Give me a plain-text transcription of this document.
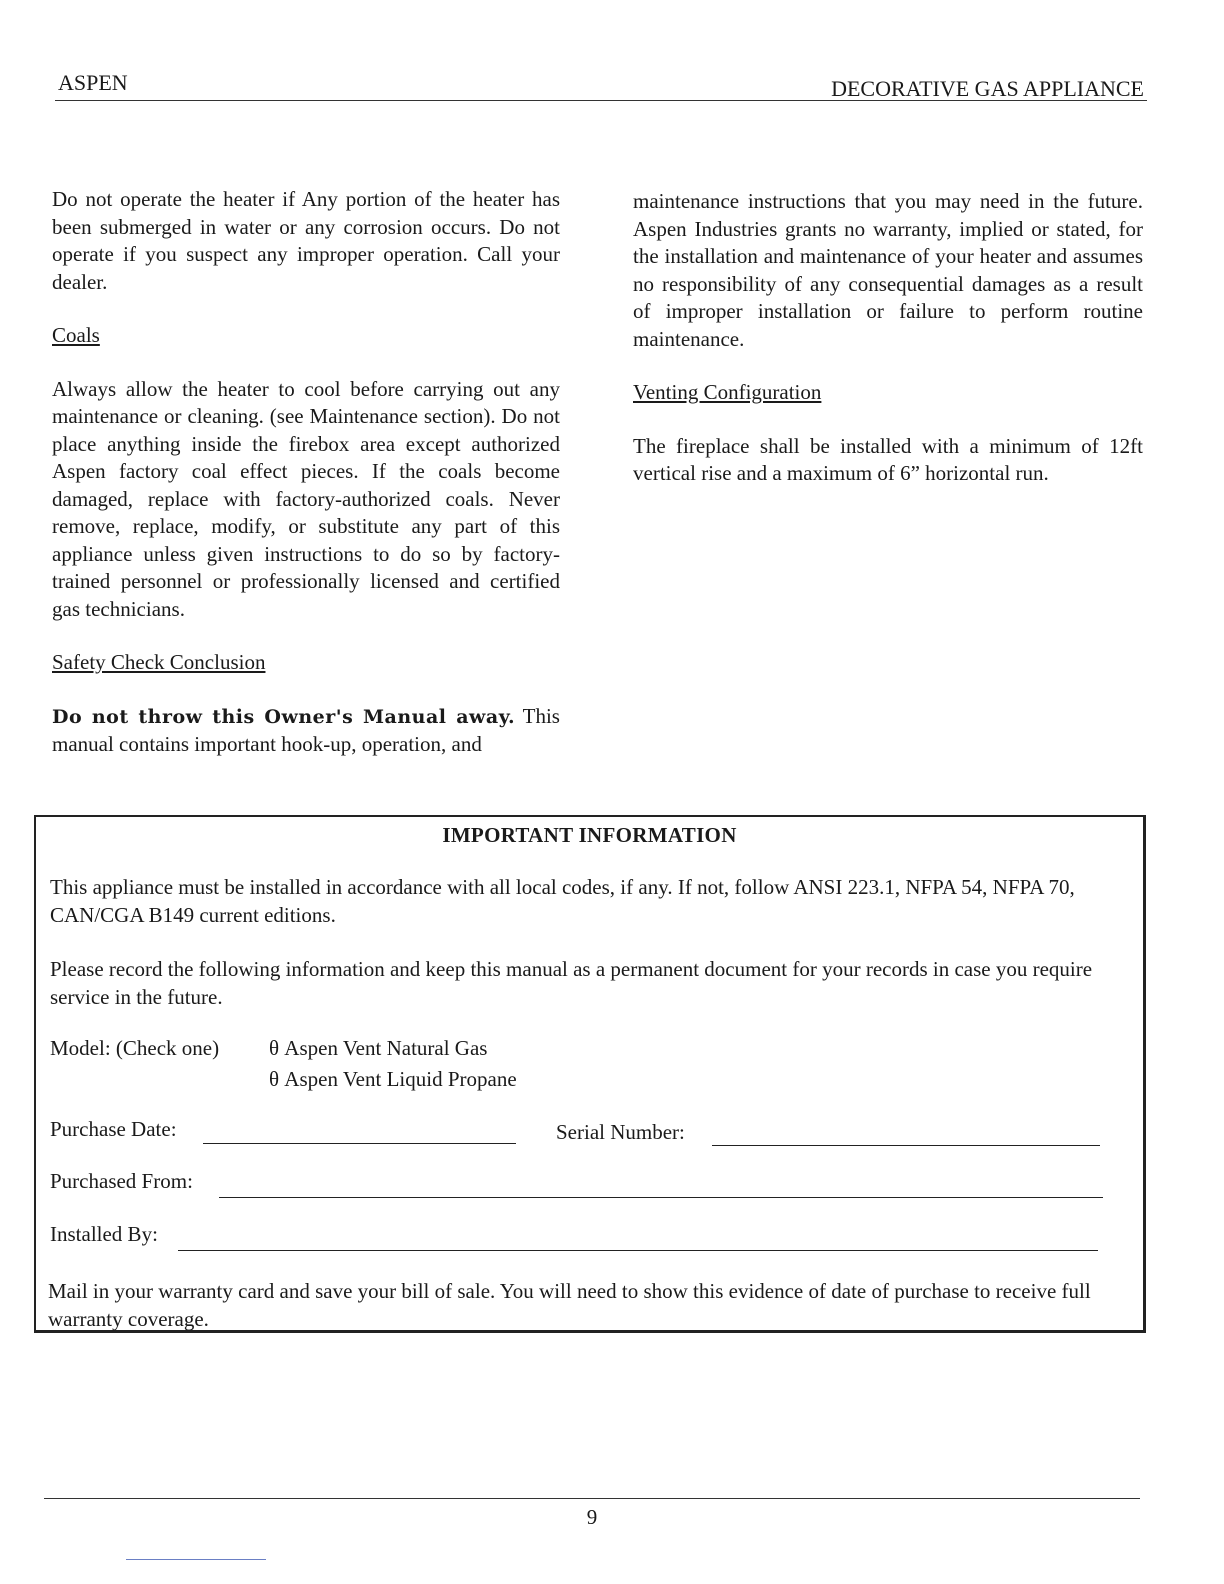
ASPEN	DECORATIVE GAS APPLIANCE

Do not operate the heater if Any portion of the heater has been submerged in water or any corrosion occurs. Do not operate if you suspect any improper operation. Call your dealer.

Coals

Always allow the heater to cool before carrying out any maintenance or cleaning. (see Maintenance section). Do not place anything inside the firebox area except authorized Aspen factory coal effect pieces. If the coals become damaged, replace with factory-authorized coals. Never remove, replace, modify, or substitute any part of this appliance unless given instructions to do so by factory-trained personnel or professionally licensed and certified gas technicians.

Safety Check Conclusion

Do not throw this Owner's Manual away. This manual contains important hook-up, operation, and

maintenance instructions that you may need in the future. Aspen Industries grants no warranty, implied or stated, for the installation and maintenance of your heater and assumes no responsibility of any consequential damages as a result of improper installation or failure to perform routine maintenance.

Venting Configuration

The fireplace shall be installed with a minimum of 12ft vertical rise and a maximum of 6” horizontal run.

IMPORTANT INFORMATION

This appliance must be installed in accordance with all local codes, if any. If not, follow ANSI 223.1, NFPA 54, NFPA 70, CAN/CGA B149 current editions.

Please record the following information and keep this manual as a permanent document for your records in case you require service in the future.

Model: (Check one) θ Aspen Vent Natural Gas
θ Aspen Vent Liquid Propane
Purchase Date:	Serial Number:
Purchased From:
Installed By:

Mail in your warranty card and save your bill of sale. You will need to show this evidence of date of purchase to receive full warranty coverage.

9
